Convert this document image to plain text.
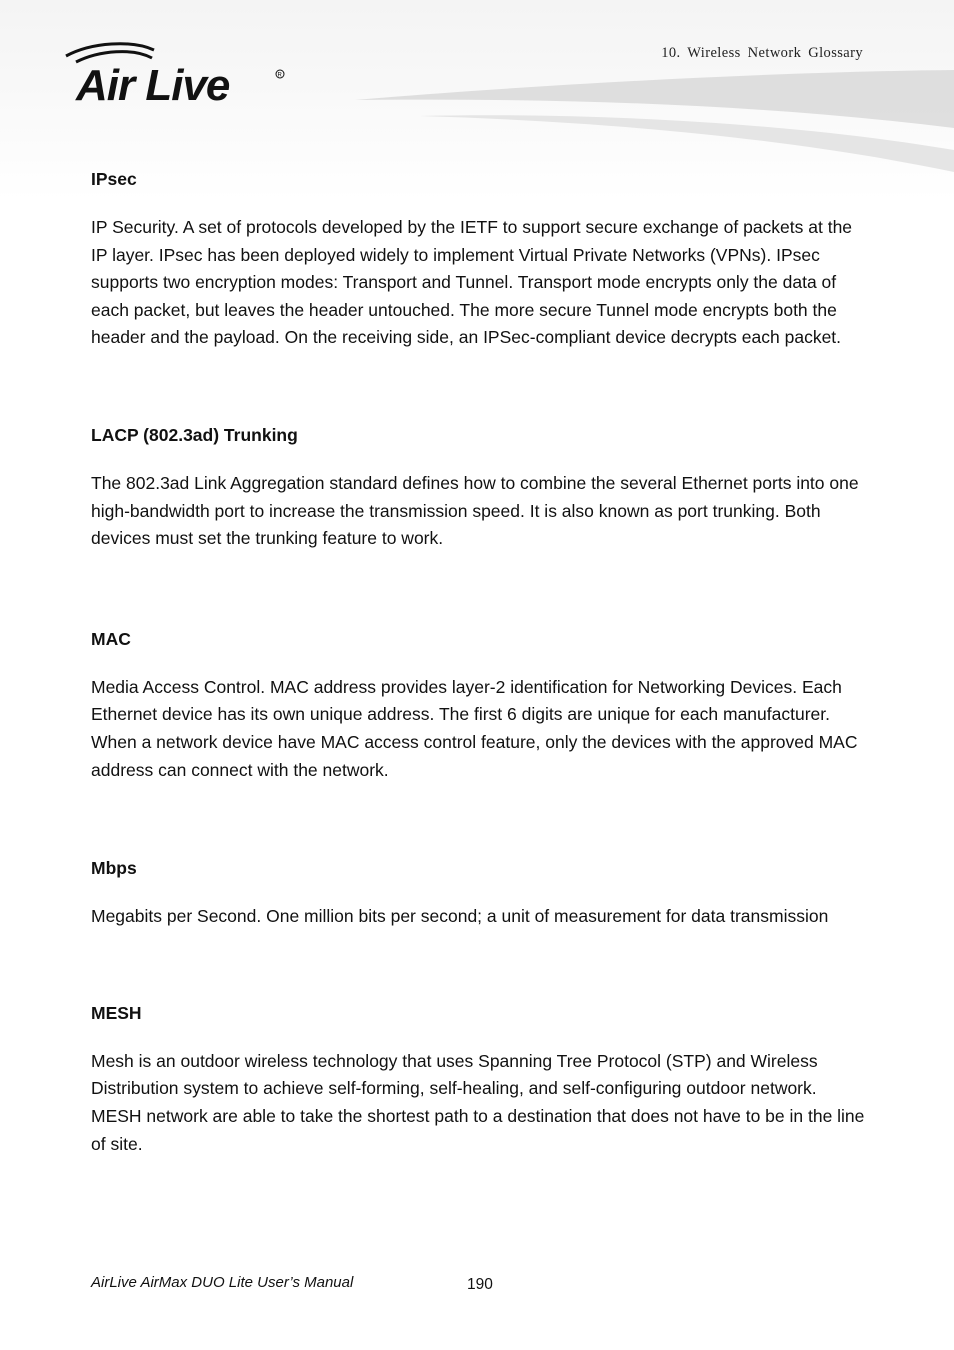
Air Live	R
10. Wireless Network Glossary

IPsec

IP Security. A set of protocols developed by the IETF to support secure exchange of packets at the IP layer. IPsec has been deployed widely to implement Virtual Private Networks (VPNs). IPsec supports two encryption modes: Transport and Tunnel. Transport mode encrypts only the data of each packet, but leaves the header untouched. The more secure Tunnel mode encrypts both the header and the payload. On the receiving side, an IPSec-compliant device decrypts each packet.

LACP (802.3ad) Trunking

The 802.3ad Link Aggregation standard defines how to combine the several Ethernet ports into one high-bandwidth port to increase the transmission speed. It is also known as port trunking. Both devices must set the trunking feature to work.

MAC

Media Access Control. MAC address provides layer-2 identification for Networking Devices. Each Ethernet device has its own unique address. The first 6 digits are unique for each manufacturer. When a network device have MAC access control feature, only the devices with the approved MAC address can connect with the network.

Mbps

Megabits per Second. One million bits per second; a unit of measurement for data transmission

MESH

Mesh is an outdoor wireless technology that uses Spanning Tree Protocol (STP) and Wireless Distribution system to achieve self-forming, self-healing, and self-configuring outdoor network. MESH network are able to take the shortest path to a destination that does not have to be in the line of site.

AirLive AirMax DUO Lite User’s Manual	190
